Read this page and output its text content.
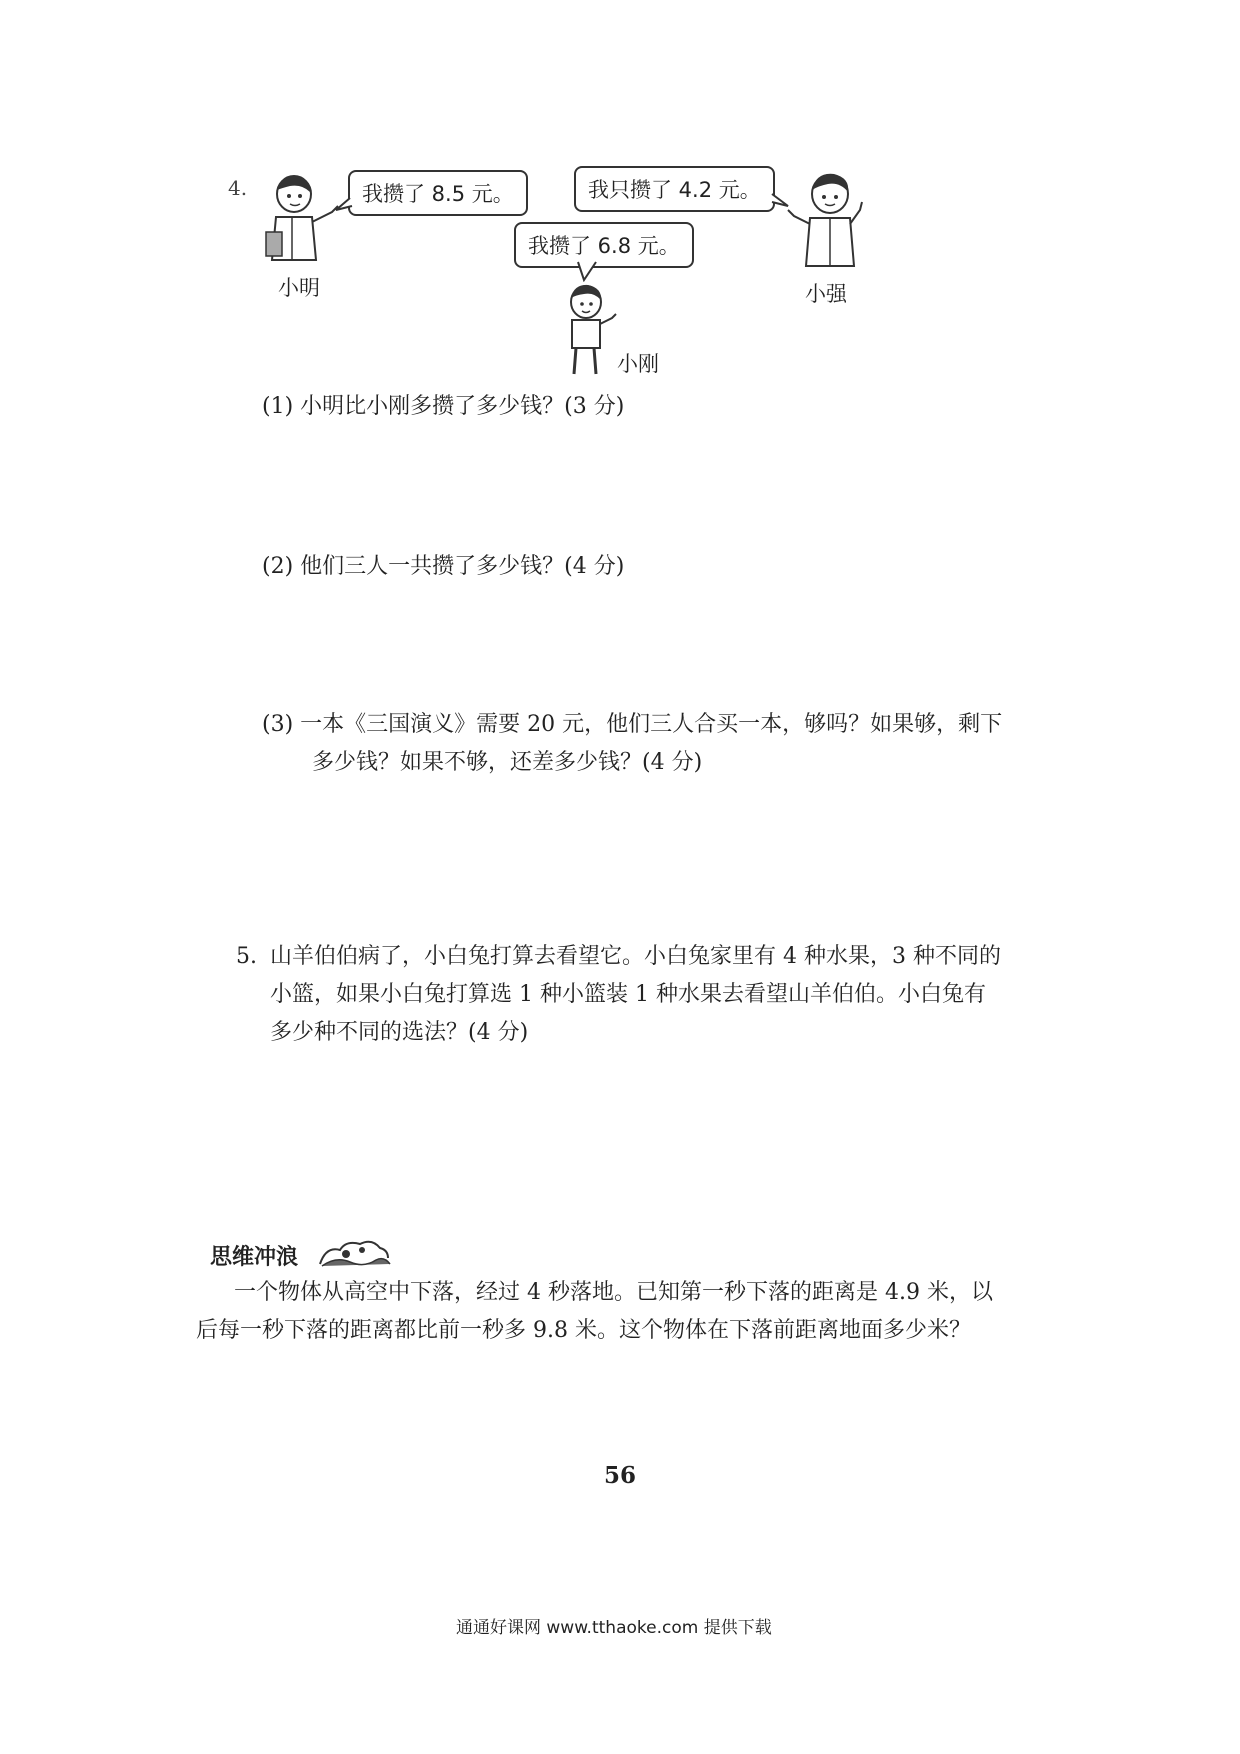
4.
小明
我攒了 8.5 元。	我只攒了 4.2 元。
小强
我攒了 6.8 元。
小刚
(1) 小明比小刚多攒了多少钱？(3 分)
(2) 他们三人一共攒了多少钱？(4 分)
(3) 一本《三国演义》需要 20 元，他们三人合买一本，够吗？如果够，剩下
多少钱？如果不够，还差多少钱？(4 分)
5. 山羊伯伯病了，小白兔打算去看望它。小白兔家里有 4 种水果，3 种不同的
小篮，如果小白兔打算选 1 种小篮装 1 种水果去看望山羊伯伯。小白兔有
多少种不同的选法？(4 分)
思维冲浪
一个物体从高空中下落，经过 4 秒落地。已知第一秒下落的距离是 4.9 米，以
后每一秒下落的距离都比前一秒多 9.8 米。这个物体在下落前距离地面多少米？
56
通通好课网 www.tthaoke.com 提供下载
